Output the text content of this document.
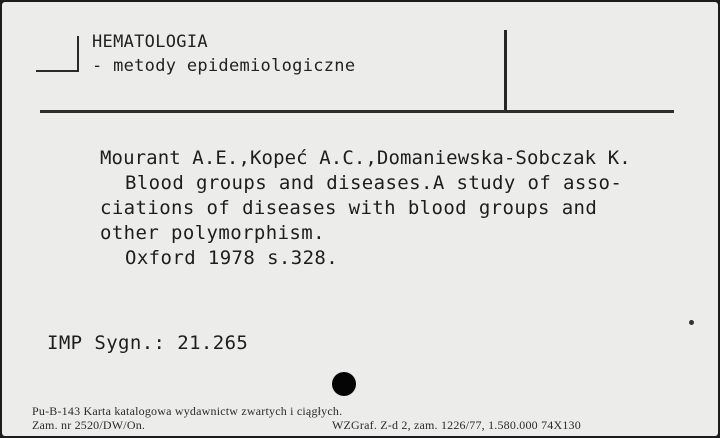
HEMATOLOGIA
- metody epidemiologiczne
Mourant A.E.,Kopeć A.C.,Domaniewska-Sobczak K.
Blood groups and diseases.A study of asso-
ciations of diseases with blood groups and
other polymorphism.
Oxford 1978 s.328.
IMP Sygn.: 21.265
Pu-B-143 Karta katalogowa wydawnictw zwartych i ciągłych.
Zam. nr 2520/DW/On.	WZGraf. Z-d 2, zam. 1226/77, 1.580.000 74X130
